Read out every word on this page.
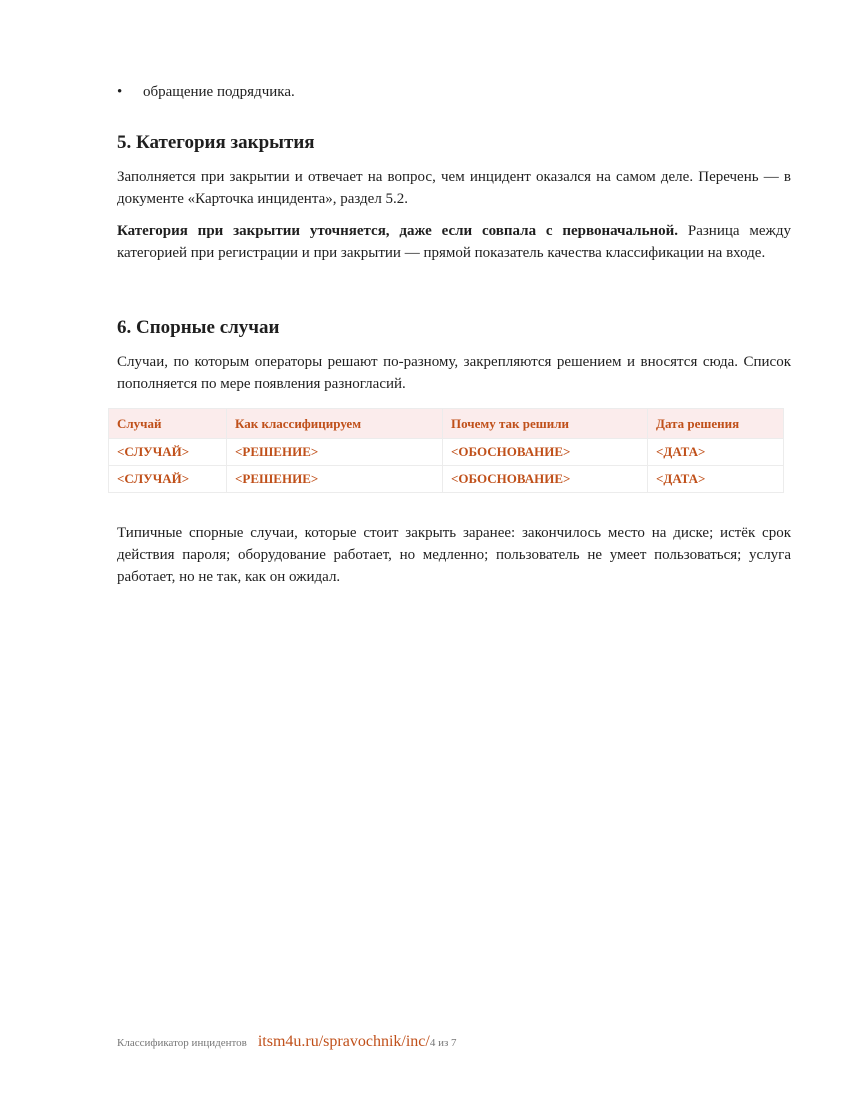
•	обращение подрядчика.
5. Категория закрытия

Заполняется при закрытии и отвечает на вопрос, чем инцидент оказался на самом деле. Перечень — в документе «Карточка инцидента», раздел 5.2.

Категория при закрытии уточняется, даже если совпала с первоначальной. Разница между категорией при регистрации и при закрытии — прямой показатель качества классификации на входе.

6. Спорные случаи

Случаи, по которым операторы решают по-разному, закрепляются решением и вносятся сюда. Список пополняется по мере появления разногласий.

Случай	Как классифицируем	Почему так решили	Дата решения
<СЛУЧАЙ>	<РЕШЕНИЕ>	<ОБОСНОВАНИЕ>	<ДАТА>
<СЛУЧАЙ>	<РЕШЕНИЕ>	<ОБОСНОВАНИЕ>	<ДАТА>

Типичные спорные случаи, которые стоит закрыть заранее: закончилось место на диске; истёк срок действия пароля; оборудование работает, но медленно; пользователь не умеет пользоваться; услуга работает, но не так, как он ожидал.

Классификатор инцидентов itsm4u.ru/spravochnik/inc/4 из 7
